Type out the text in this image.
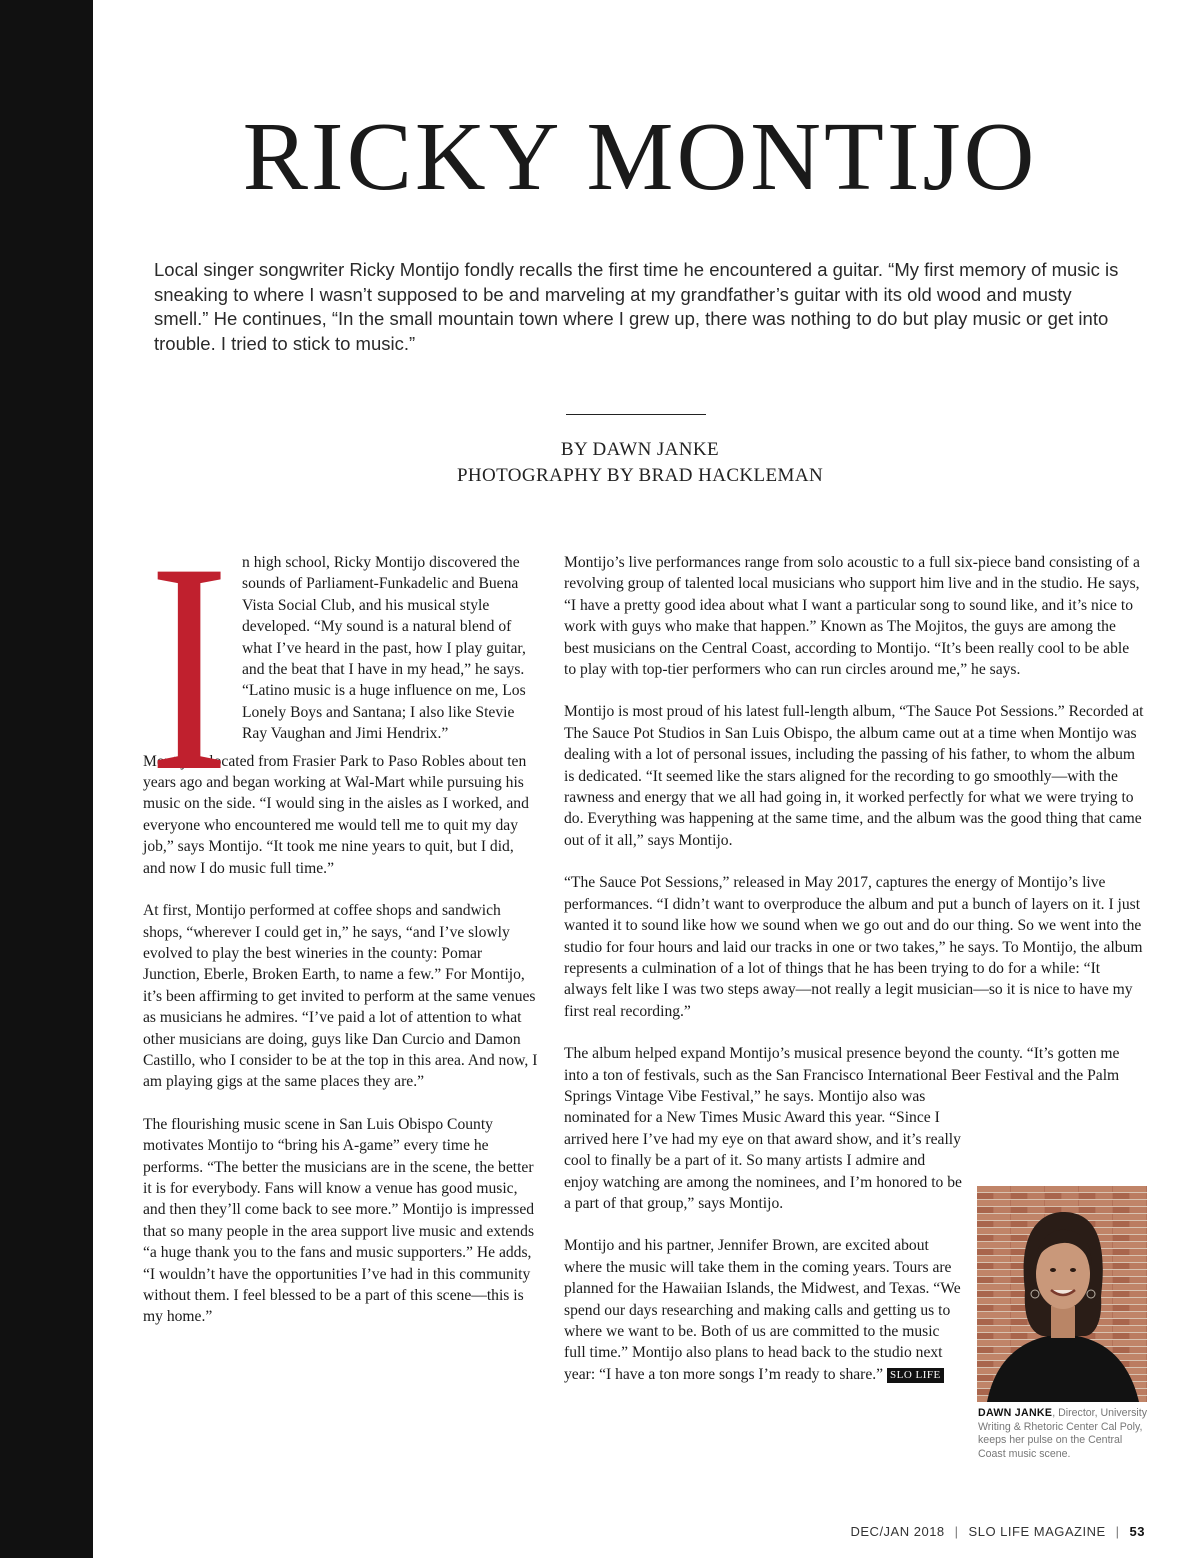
RICKY MONTIJO

Local singer songwriter Ricky Montijo fondly recalls the first time he encountered a guitar. “My first memory of music is sneaking to where I wasn’t supposed to be and marveling at my grandfather’s guitar with its old wood and musty smell.” He continues, “In the small mountain town where I grew up, there was nothing to do but play music or get into trouble. I tried to stick to music.”

BY DAWN JANKE
PHOTOGRAPHY BY BRAD HACKLEMAN
I n high school, Ricky Montijo discovered the sounds of Parliament-Funkadelic and Buena Vista Social Club, and his musical style developed. “My sound is a natural blend of what I’ve heard in the past, how I play guitar, and the beat that I have in my head,” he says. “Latino music is a huge influence on me, Los Lonely Boys and Santana; I also like Stevie Ray Vaughan and Jimi Hendrix.”

Montijo relocated from Frasier Park to Paso Robles about ten years ago and began working at Wal-Mart while pursuing his music on the side. “I would sing in the aisles as I worked, and everyone who encountered me would tell me to quit my day job,” says Montijo. “It took me nine years to quit, but I did, and now I do music full time.”

At first, Montijo performed at coffee shops and sandwich shops, “wherever I could get in,” he says, “and I’ve slowly evolved to play the best wineries in the county: Pomar Junction, Eberle, Broken Earth, to name a few.” For Montijo, it’s been affirming to get invited to perform at the same venues as musicians he admires. “I’ve paid a lot of attention to what other musicians are doing, guys like Dan Curcio and Damon Castillo, who I consider to be at the top in this area. And now, I am playing gigs at the same places they are.”

The flourishing music scene in San Luis Obispo County motivates Montijo to “bring his A-game” every time he performs. “The better the musicians are in the scene, the better it is for everybody. Fans will know a venue has good music, and then they’ll come back to see more.” Montijo is impressed that so many people in the area support live music and extends “a huge thank you to the fans and music supporters.” He adds, “I wouldn’t have the opportunities I’ve had in this community without them. I feel blessed to be a part of this scene—this is my home.”

Montijo’s live performances range from solo acoustic to a full six-piece band consisting of a revolving group of talented local musicians who support him live and in the studio. He says, “I have a pretty good idea about what I want a particular song to sound like, and it’s nice to work with guys who make that happen.” Known as The Mojitos, the guys are among the best musicians on the Central Coast, according to Montijo. “It’s been really cool to be able to play with top-tier performers who can run circles around me,” he says.

Montijo is most proud of his latest full-length album, “The Sauce Pot Sessions.” Recorded at The Sauce Pot Studios in San Luis Obispo, the album came out at a time when Montijo was dealing with a lot of personal issues, including the passing of his father, to whom the album is dedicated. “It seemed like the stars aligned for the recording to go smoothly—with the rawness and energy that we all had going in, it worked perfectly for what we were trying to do. Everything was happening at the same time, and the album was the good thing that came out of it all,” says Montijo.

“The Sauce Pot Sessions,” released in May 2017, captures the energy of Montijo’s live performances. “I didn’t want to overproduce the album and put a bunch of layers on it. I just wanted it to sound like how we sound when we go out and do our thing. So we went into the studio for four hours and laid our tracks in one or two takes,” he says. To Montijo, the album represents a culmination of a lot of things that he has been trying to do for a while: “It always felt like I was two steps away—not really a legit musician—so it is nice to have my first real recording.”

The album helped expand Montijo’s musical presence beyond the county. “It’s gotten me into a ton of festivals, such as the San Francisco International Beer Festival and the Palm Springs Vintage Vibe Festival,” he says. Montijo also was

nominated for a New Times Music Award this year. “Since I arrived here I’ve had my eye on that award show, and it’s really cool to finally be a part of it. So many artists I admire and enjoy watching are among the nominees, and I’m honored to be a part of that group,” says Montijo.

Montijo and his partner, Jennifer Brown, are excited about where the music will take them in the coming years. Tours are planned for the Hawaiian Islands, the Midwest, and Texas. “We spend our days researching and making calls and getting us to where we want to be. Both of us are committed to the music full time.” Montijo also plans to head back to the studio next year: “I have a ton more songs I’m ready to share.” SLO LIFE

DAWN JANKE, Director, University Writing & Rhetoric Center Cal Poly, keeps her pulse on the Central Coast music scene.
DEC/JAN 2018 | SLO LIFE MAGAZINE | 53
